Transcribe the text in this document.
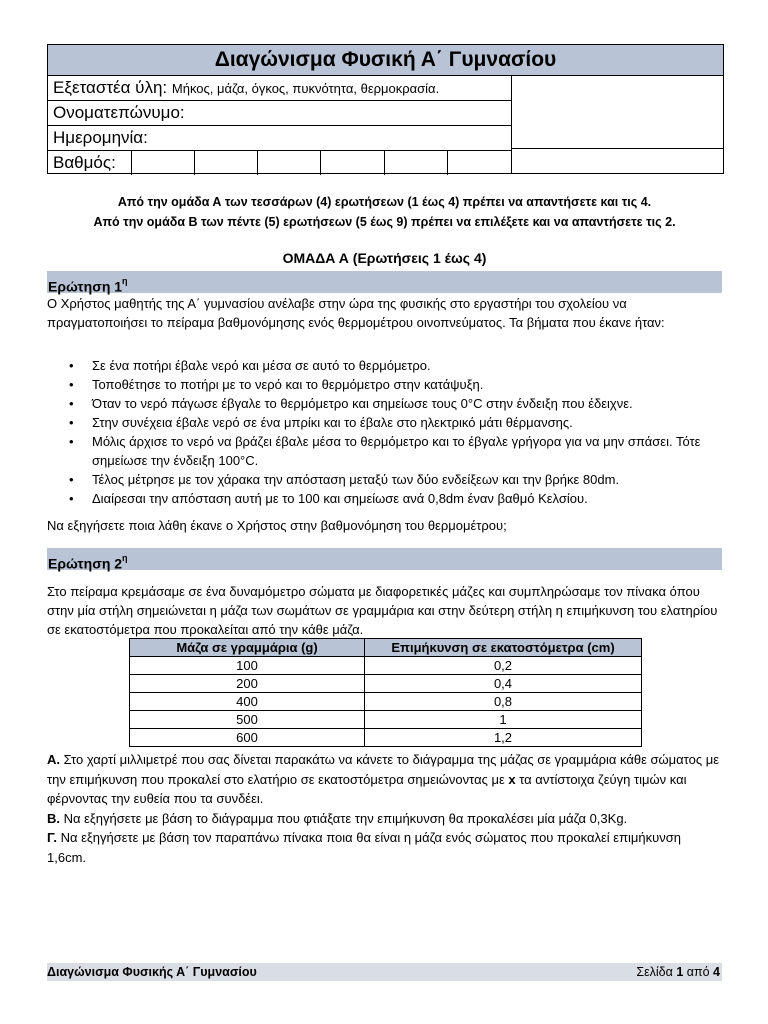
Διαγώνισμα Φυσική Α΄ Γυμνασίου
Εξεταστέα ύλη: Μήκος, μάζα, όγκος, πυκνότητα, θερμοκρασία.
Ονοματεπώνυμο:
Ημερομηνία:
Βαθμός:
Από την ομάδα Α των τεσσάρων (4) ερωτήσεων (1 έως 4) πρέπει να απαντήσετε και τις 4.
Από την ομάδα Β των πέντε (5) ερωτήσεων (5 έως 9) πρέπει να επιλέξετε και να απαντήσετε τις 2.
ΟΜΑΔΑ Α (Ερωτήσεις 1 έως 4)
Ερώτηση $1^\eta$
Ο Χρήστος μαθητής της Α΄ γυμνασίου ανέλαβε στην ώρα της φυσικής στο εργαστήρι του σχολείου να πραγματοποιήσει το πείραμα βαθμονόμησης ενός θερμομέτρου οινοπνεύματος. Τα βήματα που έκανε ήταν:
• Σε ένα ποτήρι έβαλε νερό και μέσα σε αυτό το θερμόμετρο.
• Τοποθέτησε το ποτήρι με το νερό και το θερμόμετρο στην κατάψυξη.
• Όταν το νερό πάγωσε έβγαλε το θερμόμετρο και σημείωσε τους 0°C στην ένδειξη που έδειχνε.
• Στην συνέχεια έβαλε νερό σε ένα μπρίκι και το έβαλε στο ηλεκτρικό μάτι θέρμανσης.
• Μόλις άρχισε το νερό να βράζει έβαλε μέσα το θερμόμετρο και το έβγαλε γρήγορα για να μην σπάσει. Τότε σημείωσε την ένδειξη 100°C.
• Τέλος μέτρησε με τον χάρακα την απόσταση μεταξύ των δύο ενδείξεων και την βρήκε 80dm.
• Διαίρεσαι την απόσταση αυτή με το 100 και σημείωσε ανά 0,8dm έναν βαθμό Κελσίου.
Να εξηγήσετε ποια λάθη έκανε ο Χρήστος στην βαθμονόμηση του θερμομέτρου;
Ερώτηση $2^\eta$
Στο πείραμα κρεμάσαμε σε ένα δυναμόμετρο σώματα με διαφορετικές μάζες και συμπληρώσαμε τον πίνακα όπου στην μία στήλη σημειώνεται η μάζα των σωμάτων σε γραμμάρια και στην δεύτερη στήλη η επιμήκυνση του ελατηρίου σε εκατοστόμετρα που προκαλείται από την κάθε μάζα.
Μάζα σε γραμμάρια (g)	Επιμήκυνση σε εκατοστόμετρα (cm)
100	0,2
200	0,4
400	0,8
500	1
600	1,2
Α. Στο χαρτί μιλλιμετρέ που σας δίνεται παρακάτω να κάνετε το διάγραμμα της μάζας σε γραμμάρια κάθε σώματος με την επιμήκυνση που προκαλεί στο ελατήριο σε εκατοστόμετρα σημειώνοντας με x τα αντίστοιχα ζεύγη τιμών και φέρνοντας την ευθεία που τα συνδέει.
Β. Να εξηγήσετε με βάση το διάγραμμα που φτιάξατε την επιμήκυνση θα προκαλέσει μία μάζα 0,3Kg.
Γ. Να εξηγήσετε με βάση τον παραπάνω πίνακα ποια θα είναι η μάζα ενός σώματος που προκαλεί επιμήκυνση 1,6cm.
Διαγώνισμα Φυσικής Α΄ Γυμνασίου	Σελίδα 1 από 4
